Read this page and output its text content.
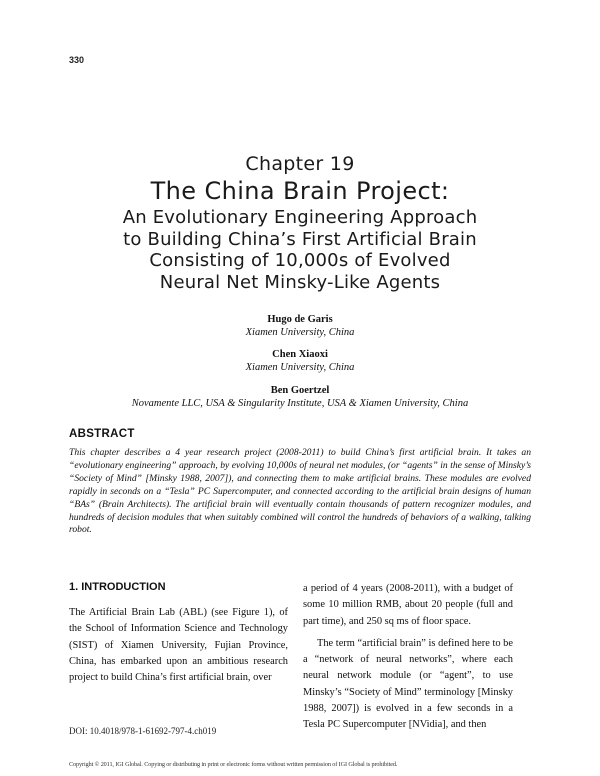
330
Chapter 19
The China Brain Project:
An Evolutionary Engineering Approach
to Building China’s First Artificial Brain
Consisting of 10,000s of Evolved
Neural Net Minsky-Like Agents
Hugo de Garis
Xiamen University, China
Chen Xiaoxi
Xiamen University, China
Ben Goertzel
Novamente LLC, USA & Singularity Institute, USA & Xiamen University, China
ABSTRACT
This chapter describes a 4 year research project (2008-2011) to build China’s first artificial brain. It takes an “evolutionary engineering” approach, by evolving 10,000s of neural net modules, (or “agents” in the sense of Minsky’s “Society of Mind” [Minsky 1988, 2007]), and connecting them to make artificial brains. These modules are evolved rapidly in seconds on a “Tesla” PC Supercomputer, and connected according to the artificial brain designs of human “BAs” (Brain Architects). The artificial brain will eventually contain thousands of pattern recognizer modules, and hundreds of decision modules that when suitably combined will control the hundreds of behaviors of a walking, talking robot.
1. INTRODUCTION
The Artificial Brain Lab (ABL) (see Figure 1), of the School of Information Science and Technology (SIST) of Xiamen University, Fujian Province, China, has embarked upon an ambitious research project to build China’s first artificial brain, over

a period of 4 years (2008-2011), with a budget of some 10 million RMB, about 20 people (full and part time), and 250 sq ms of floor space.

The term “artificial brain” is defined here to be a “network of neural networks”, where each neural network module (or “agent”, to use Minsky’s “Society of Mind” terminology [Minsky 1988, 2007]) is evolved in a few seconds in a Tesla PC Supercomputer [NVidia], and then

DOI: 10.4018/978-1-61692-797-4.ch019
Copyright © 2011, IGI Global. Copying or distributing in print or electronic forms without written permission of IGI Global is prohibited.
